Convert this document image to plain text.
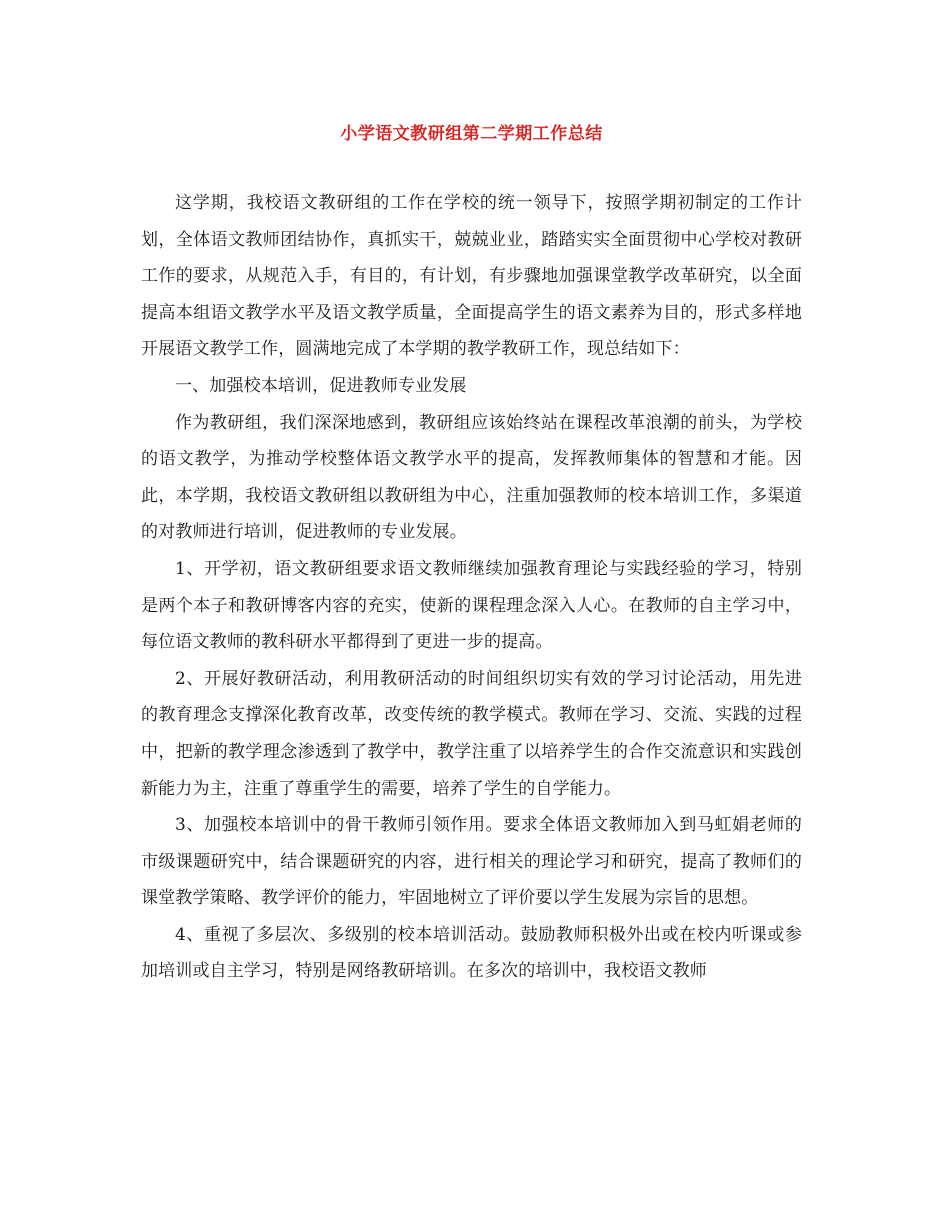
小学语文教研组第二学期工作总结

这学期，我校语文教研组的工作在学校的统一领导下，按照学期初制定的工作计划，全体语文教师团结协作，真抓实干，兢兢业业，踏踏实实全面贯彻中心学校对教研工作的要求，从规范入手，有目的，有计划，有步骤地加强课堂教学改革研究，以全面提高本组语文教学水平及语文教学质量，全面提高学生的语文素养为目的，形式多样地开展语文教学工作，圆满地完成了本学期的教学教研工作，现总结如下：

一、加强校本培训，促进教师专业发展

作为教研组，我们深深地感到，教研组应该始终站在课程改革浪潮的前头，为学校的语文教学，为推动学校整体语文教学水平的提高，发挥教师集体的智慧和才能。因此，本学期，我校语文教研组以教研组为中心，注重加强教师的校本培训工作，多渠道的对教师进行培训，促进教师的专业发展。

1、开学初，语文教研组要求语文教师继续加强教育理论与实践经验的学习，特别是两个本子和教研博客内容的充实，使新的课程理念深入人心。在教师的自主学习中，每位语文教师的教科研水平都得到了更进一步的提高。

2、开展好教研活动，利用教研活动的时间组织切实有效的学习讨论活动，用先进的教育理念支撑深化教育改革，改变传统的教学模式。教师在学习、交流、实践的过程中，把新的教学理念渗透到了教学中，教学注重了以培养学生的合作交流意识和实践创新能力为主，注重了尊重学生的需要，培养了学生的自学能力。

3、加强校本培训中的骨干教师引领作用。要求全体语文教师加入到马虹娟老师的市级课题研究中，结合课题研究的内容，进行相关的理论学习和研究，提高了教师们的课堂教学策略、教学评价的能力，牢固地树立了评价要以学生发展为宗旨的思想。

4、重视了多层次、多级别的校本培训活动。鼓励教师积极外出或在校内听课或参加培训或自主学习，特别是网络教研培训。在多次的培训中，我校语文教师
